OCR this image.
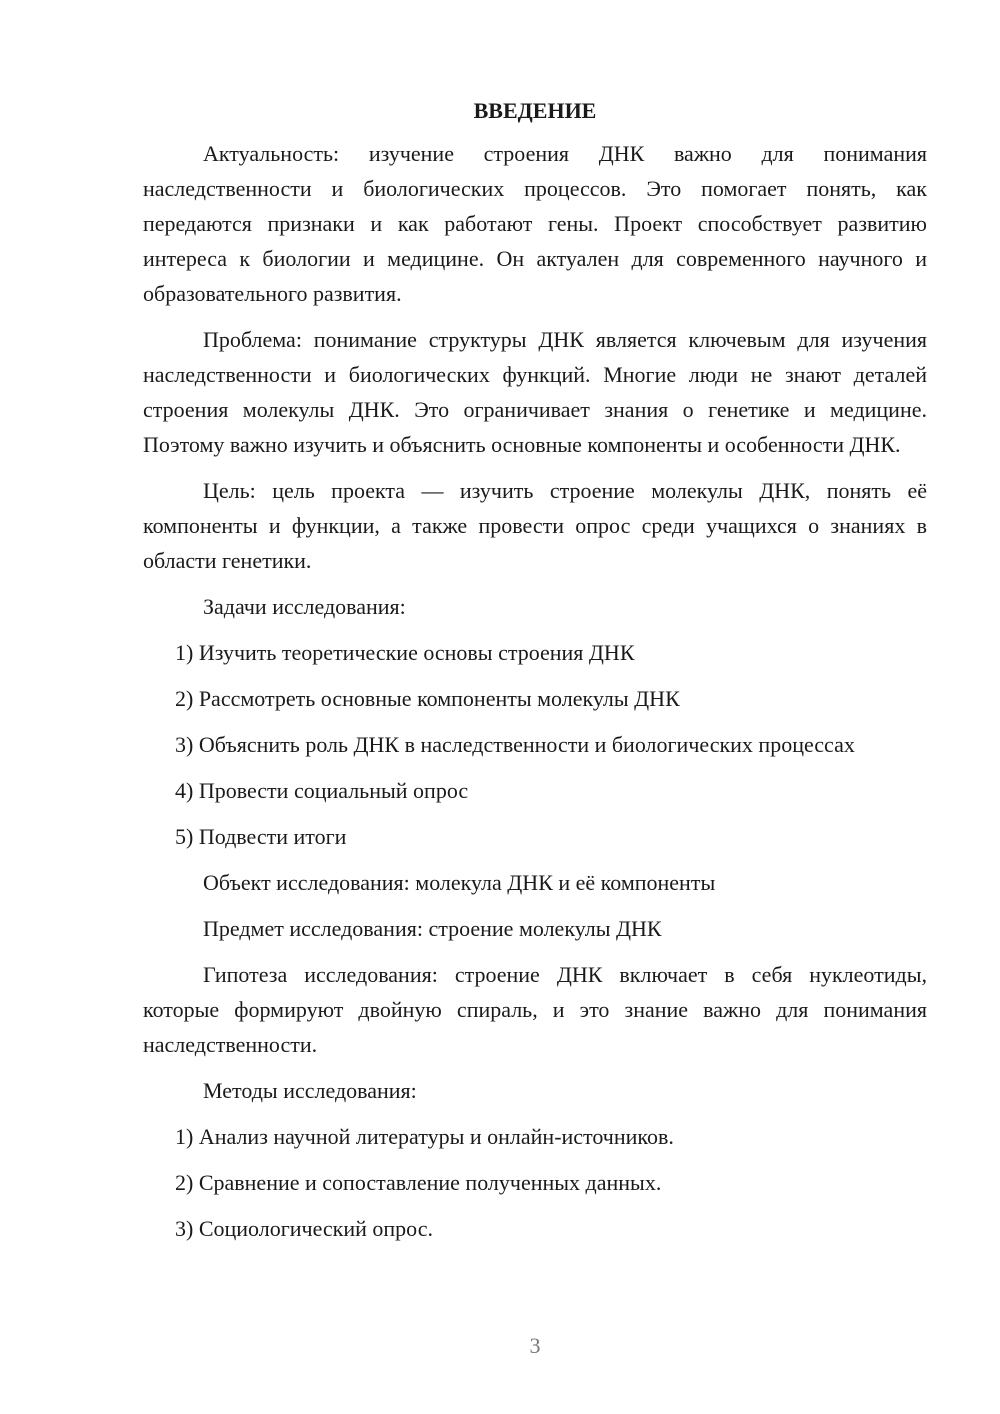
ВВЕДЕНИЕ

Актуальность: изучение строения ДНК важно для понимания наследственности и биологических процессов. Это помогает понять, как передаются признаки и как работают гены. Проект способствует развитию интереса к биологии и медицине. Он актуален для современного научного и образовательного развития.

Проблема: понимание структуры ДНК является ключевым для изучения наследственности и биологических функций. Многие люди не знают деталей строения молекулы ДНК. Это ограничивает знания о генетике и медицине. Поэтому важно изучить и объяснить основные компоненты и особенности ДНК.

Цель: цель проекта — изучить строение молекулы ДНК, понять её компоненты и функции, а также провести опрос среди учащихся о знаниях в области генетики.

Задачи исследования:

1) Изучить теоретические основы строения ДНК

2) Рассмотреть основные компоненты молекулы ДНК

3) Объяснить роль ДНК в наследственности и биологических процессах

4) Провести социальный опрос

5) Подвести итоги

Объект исследования: молекула ДНК и её компоненты

Предмет исследования: строение молекулы ДНК

Гипотеза исследования: строение ДНК включает в себя нуклеотиды, которые формируют двойную спираль, и это знание важно для понимания наследственности.

Методы исследования:

1) Анализ научной литературы и онлайн-источников.

2) Сравнение и сопоставление полученных данных.

3) Социологический опрос.

3
